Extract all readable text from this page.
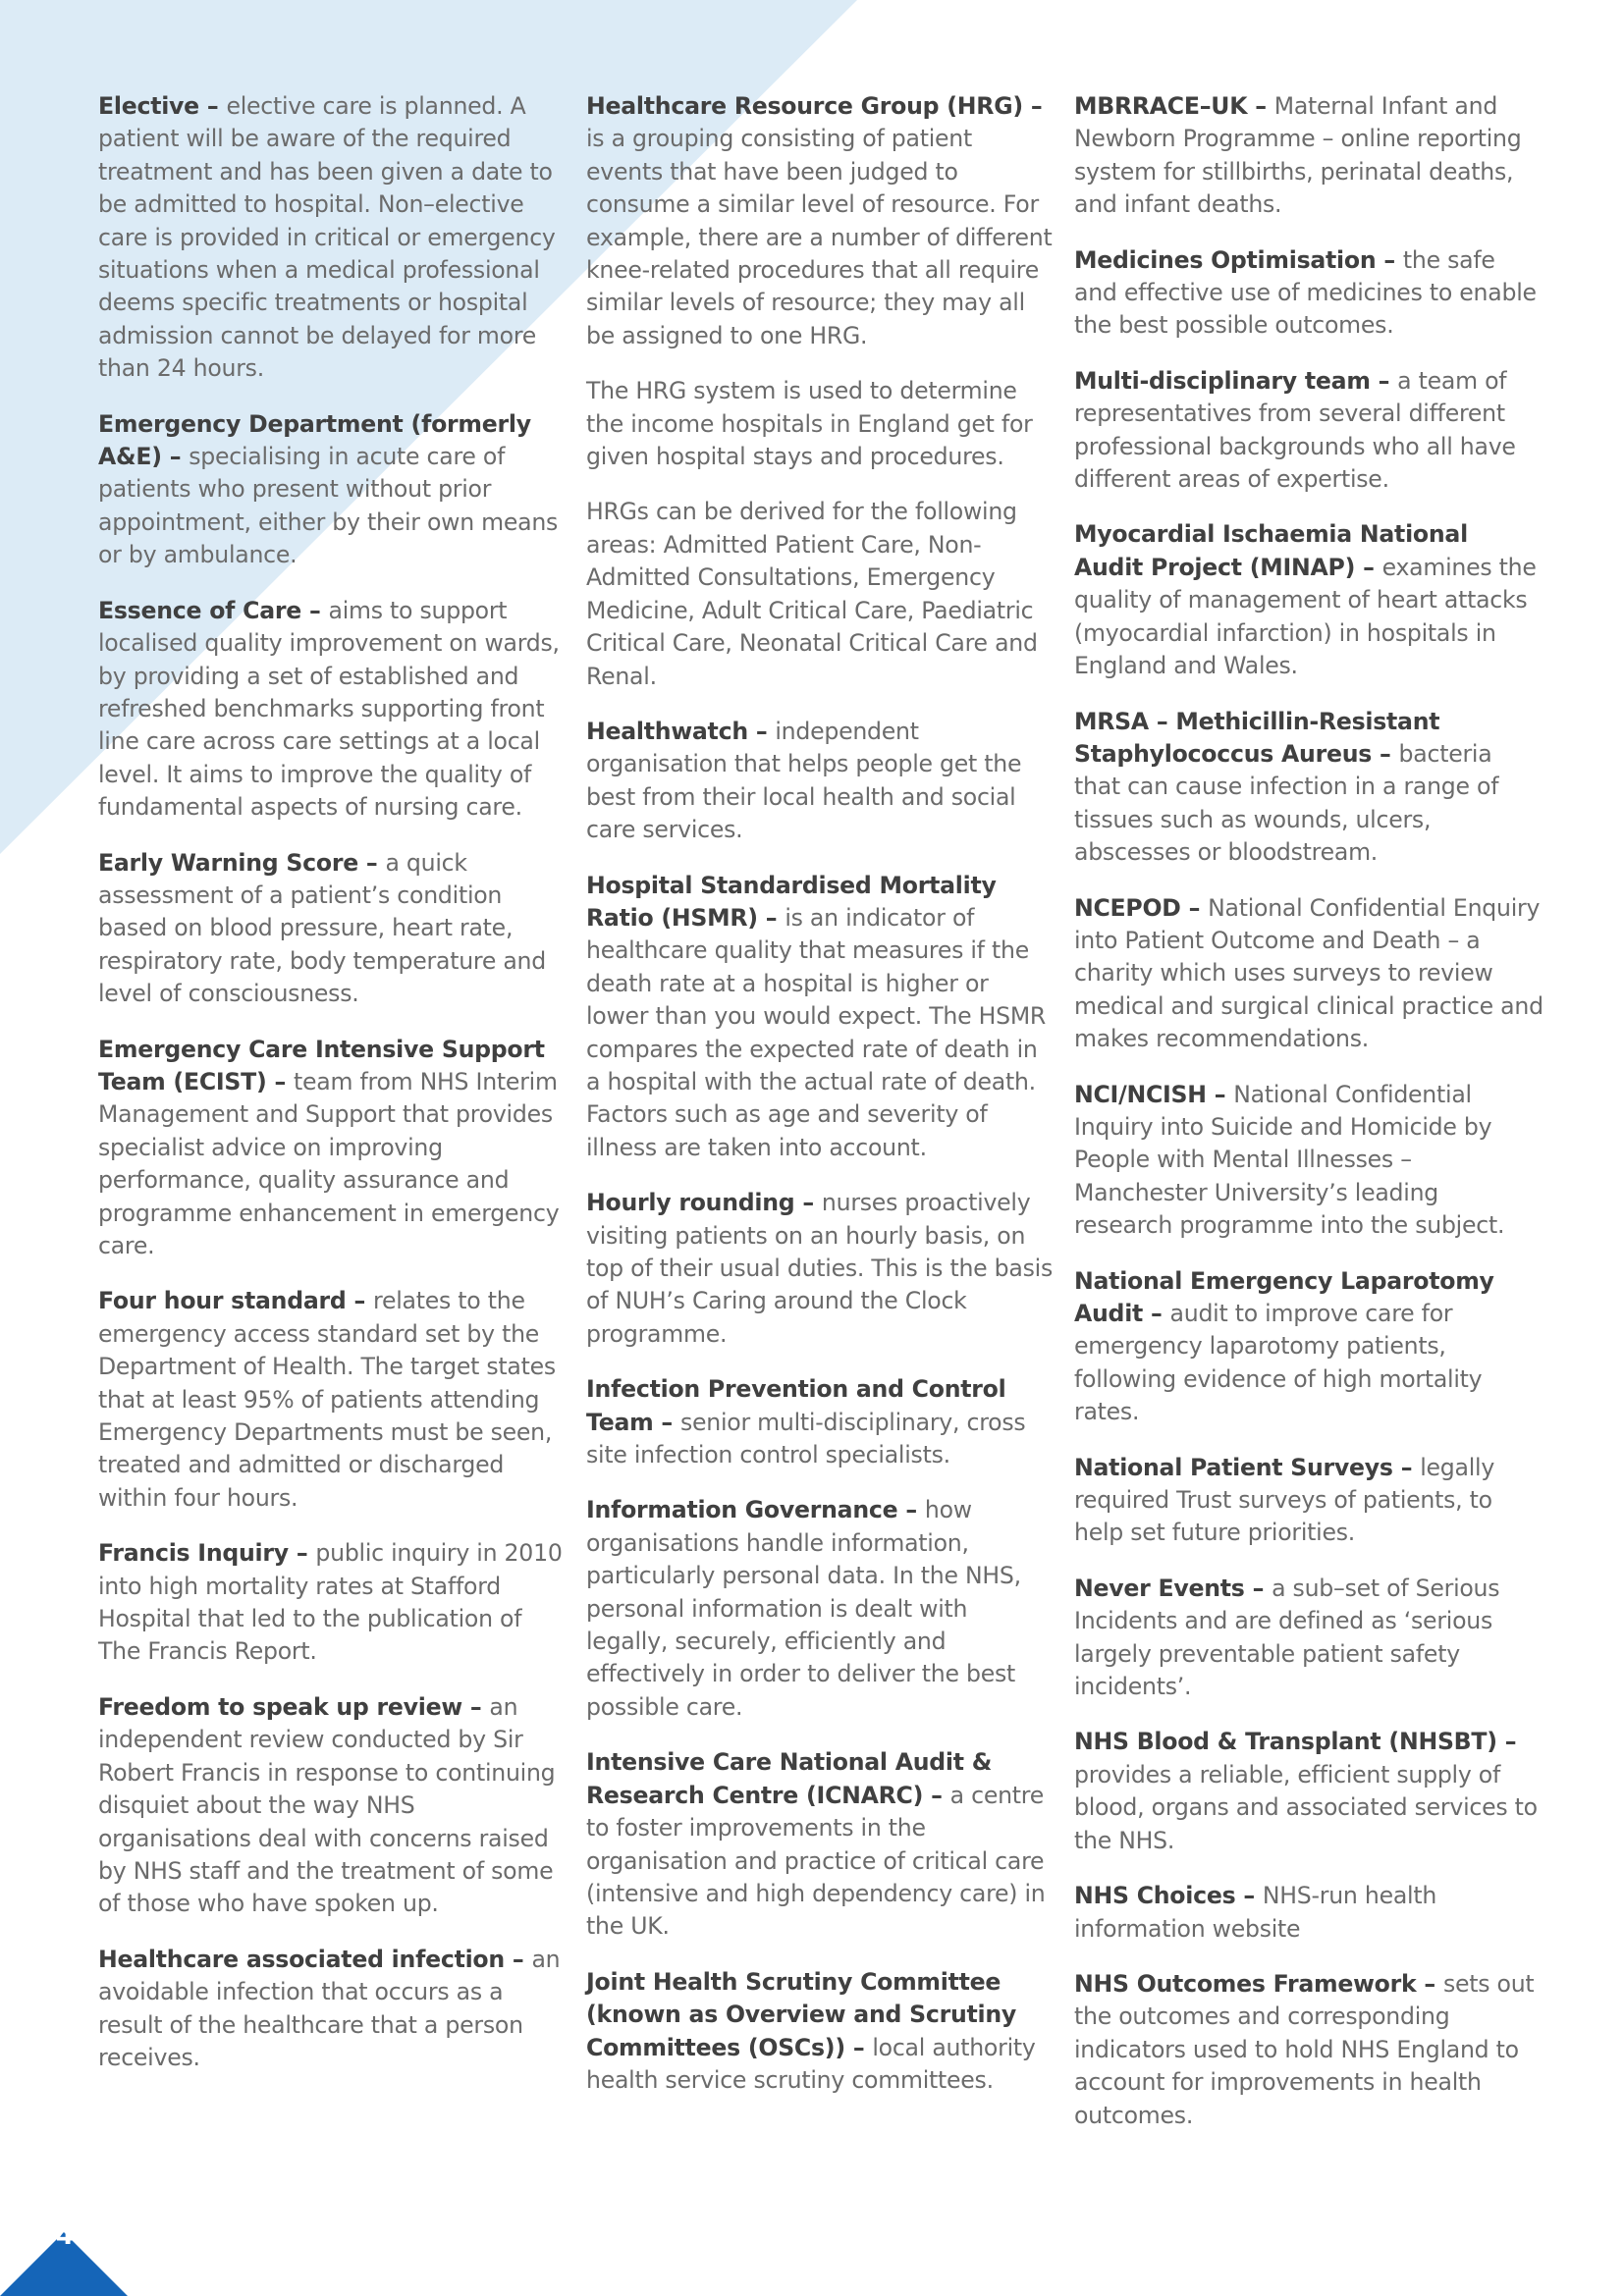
Elective – elective care is planned. A patient will be aware of the required treatment and has been given a date to be admitted to hospital. Non–elective care is provided in critical or emergency situations when a medical professional deems specific treatments or hospital admission cannot be delayed for more than 24 hours.

Emergency Department (formerly A&E) – specialising in acute care of patients who present without prior appointment, either by their own means or by ambulance.

Essence of Care – aims to support localised quality improvement on wards, by providing a set of established and refreshed benchmarks supporting front line care across care settings at a local level. It aims to improve the quality of fundamental aspects of nursing care.

Early Warning Score – a quick assessment of a patient’s condition based on blood pressure, heart rate, respiratory rate, body temperature and level of consciousness.

Emergency Care Intensive Support Team (ECIST) – team from NHS Interim Management and Support that provides specialist advice on improving performance, quality assurance and programme enhancement in emergency care.

Four hour standard – relates to the emergency access standard set by the Department of Health. The target states that at least 95% of patients attending Emergency Departments must be seen, treated and admitted or discharged within four hours.

Francis Inquiry – public inquiry in 2010 into high mortality rates at Stafford Hospital that led to the publication of The Francis Report.

Freedom to speak up review – an independent review conducted by Sir Robert Francis in response to continuing disquiet about the way NHS organisations deal with concerns raised by NHS staff and the treatment of some of those who have spoken up.

Healthcare associated infection – an avoidable infection that occurs as a result of the healthcare that a person receives.

Healthcare Resource Group (HRG) – is a grouping consisting of patient events that have been judged to consume a similar level of resource. For example, there are a number of different knee-related procedures that all require similar levels of resource; they may all be assigned to one HRG.

The HRG system is used to determine the income hospitals in England get for given hospital stays and procedures.

HRGs can be derived for the following areas: Admitted Patient Care, Non-Admitted Consultations, Emergency Medicine, Adult Critical Care, Paediatric Critical Care, Neonatal Critical Care and Renal.

Healthwatch – independent organisation that helps people get the best from their local health and social care services.

Hospital Standardised Mortality Ratio (HSMR) – is an indicator of healthcare quality that measures if the death rate at a hospital is higher or lower than you would expect. The HSMR compares the expected rate of death in a hospital with the actual rate of death. Factors such as age and severity of illness are taken into account.

Hourly rounding – nurses proactively visiting patients on an hourly basis, on top of their usual duties. This is the basis of NUH’s Caring around the Clock programme.

Infection Prevention and Control Team – senior multi-disciplinary, cross site infection control specialists.

Information Governance – how organisations handle information, particularly personal data. In the NHS, personal information is dealt with legally, securely, efficiently and effectively in order to deliver the best possible care.

Intensive Care National Audit & Research Centre (ICNARC) – a centre to foster improvements in the organisation and practice of critical care (intensive and high dependency care) in the UK.

Joint Health Scrutiny Committee (known as Overview and Scrutiny Committees (OSCs)) – local authority health service scrutiny committees.

MBRRACE–UK – Maternal Infant and Newborn Programme – online reporting system for stillbirths, perinatal deaths, and infant deaths.

Medicines Optimisation – the safe and effective use of medicines to enable the best possible outcomes.

Multi-disciplinary team – a team of representatives from several different professional backgrounds who all have different areas of expertise.

Myocardial Ischaemia National Audit Project (MINAP) – examines the quality of management of heart attacks (myocardial infarction) in hospitals in England and Wales.

MRSA – Methicillin-Resistant Staphylococcus Aureus – bacteria that can cause infection in a range of tissues such as wounds, ulcers, abscesses or bloodstream.

NCEPOD – National Confidential Enquiry into Patient Outcome and Death – a charity which uses surveys to review medical and surgical clinical practice and makes recommendations.

NCI/NCISH – National Confidential Inquiry into Suicide and Homicide by People with Mental Illnesses – Manchester University’s leading research programme into the subject.

National Emergency Laparotomy Audit – audit to improve care for emergency laparotomy patients, following evidence of high mortality rates.

National Patient Surveys – legally required Trust surveys of patients, to help set future priorities.

Never Events – a sub–set of Serious Incidents and are defined as ‘serious largely preventable patient safety incidents’.

NHS Blood & Transplant (NHSBT) – provides a reliable, efficient supply of blood, organs and associated services to the NHS.

NHS Choices – NHS-run health information website

NHS Outcomes Framework – sets out the outcomes and corresponding indicators used to hold NHS England to account for improvements in health outcomes.

64
